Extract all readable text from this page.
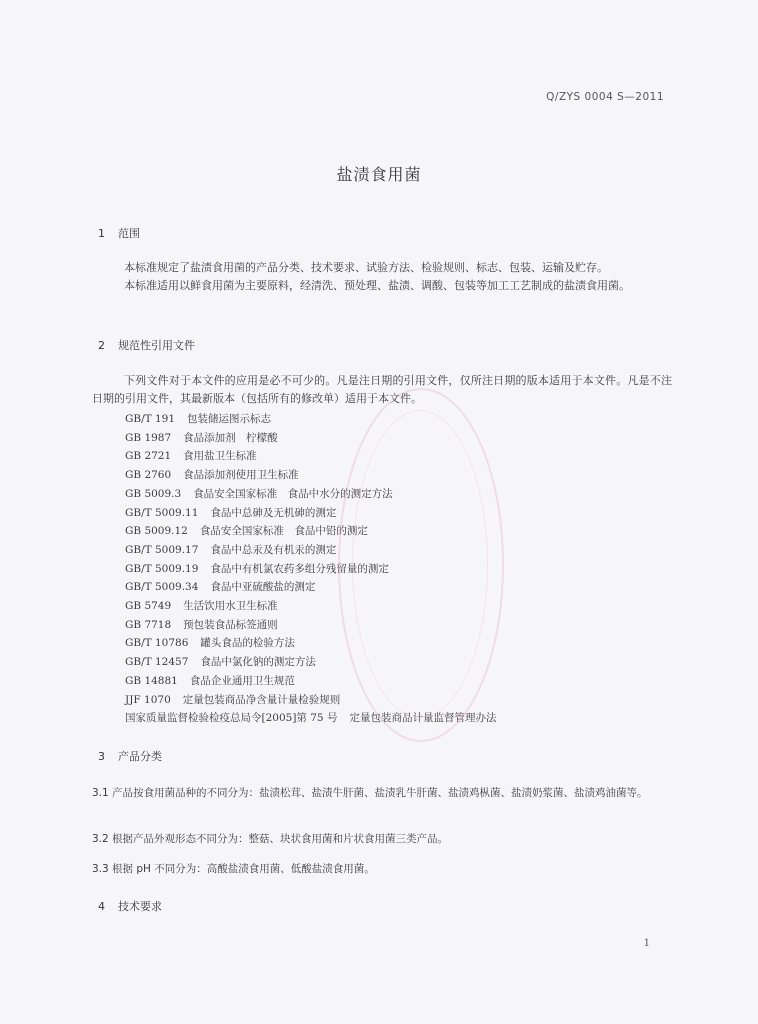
Q/ZYS 0004 S—2011
盐渍食用菌
1 范围
本标准规定了盐渍食用菌的产品分类、技术要求、试验方法、检验规则、标志、包装、运输及贮存。
本标准适用以鲜食用菌为主要原料，经清洗、预处理、盐渍、调酸、包装等加工工艺制成的盐渍食用菌。
2 规范性引用文件
下列文件对于本文件的应用是必不可少的。凡是注日期的引用文件，仅所注日期的版本适用于本文件。凡是不注日期的引用文件，其最新版本（包括所有的修改单）适用于本文件。
GB/T 191 包装储运图示标志
GB 1987 食品添加剂　柠檬酸
GB 2721 食用盐卫生标准
GB 2760 食品添加剂使用卫生标准
GB 5009.3 食品安全国家标准　食品中水分的测定方法
GB/T 5009.11 食品中总砷及无机砷的测定
GB 5009.12 食品安全国家标准　食品中铅的测定
GB/T 5009.17 食品中总汞及有机汞的测定
GB/T 5009.19 食品中有机氯农药多组分残留量的测定
GB/T 5009.34 食品中亚硫酸盐的测定
GB 5749 生活饮用水卫生标准
GB 7718 预包装食品标签通则
GB/T 10786 罐头食品的检验方法
GB/T 12457 食品中氯化钠的测定方法
GB 14881 食品企业通用卫生规范
JJF 1070 定量包装商品净含量计量检验规则
国家质量监督检验检疫总局令[2005]第 75 号 定量包装商品计量监督管理办法
3 产品分类
3.1 产品按食用菌品种的不同分为：盐渍松茸、盐渍牛肝菌、盐渍乳牛肝菌、盐渍鸡枞菌、盐渍奶浆菌、盐渍鸡油菌等。
3.2 根据产品外观形态不同分为：整菇、块状食用菌和片状食用菌三类产品。
3.3 根据 pH 不同分为：高酸盐渍食用菌、低酸盐渍食用菌。
4 技术要求
1
